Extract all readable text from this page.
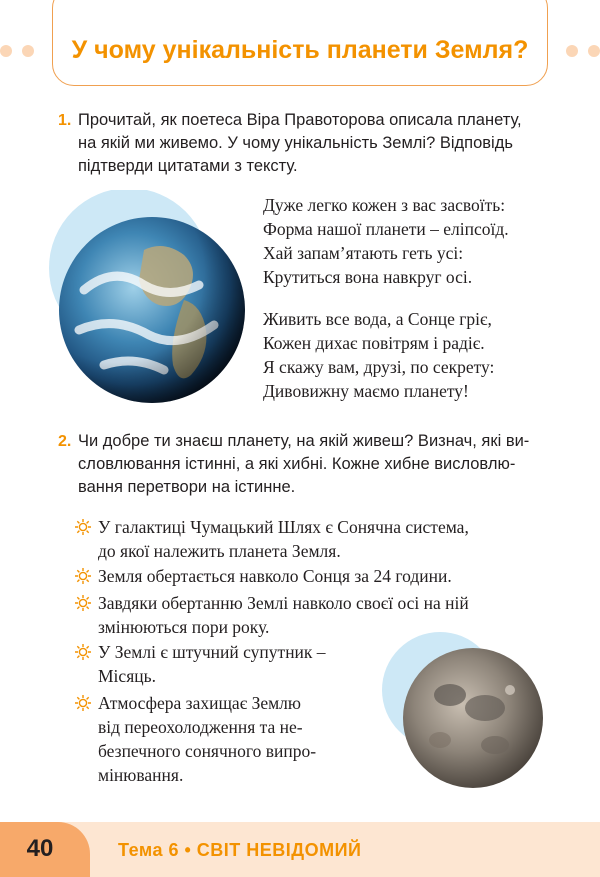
У чому унікальність планети Земля?
1. Прочитай, як поетеса Віра Правоторова описала планету,
на якій ми живемо. У чому унікальність Землі? Відповідь
підтверди цитатами з тексту.
Дуже легко кожен з вас засвоїть:
Форма нашої планети – еліпсоїд.
Хай запам’ятають геть усі:
Крутиться вона навкруг осі.
Живить все вода, а Сонце гріє,
Кожен дихає повітрям і радіє.
Я скажу вам, друзі, по секрету:
Дивовижну маємо планету!
2. Чи добре ти знаєш планету, на якій живеш? Визнач, які ви-
словлювання істинні, а які хибні. Кожне хибне висловлю-
вання перетвори на істинне.
У галактиці Чумацький Шлях є Сонячна система,
до якої належить планета Земля.
Земля обертається навколо Сонця за 24 години.
Завдяки обертанню Землі навколо своєї осі на ній
змінюються пори року.
У Землі є штучний супутник –
Місяць.
Атмосфера захищає Землю
від переохолодження та не-
безпечного сонячного випро-
мінювання.
40	Тема 6 • СВІТ НЕВІДОМИЙ
